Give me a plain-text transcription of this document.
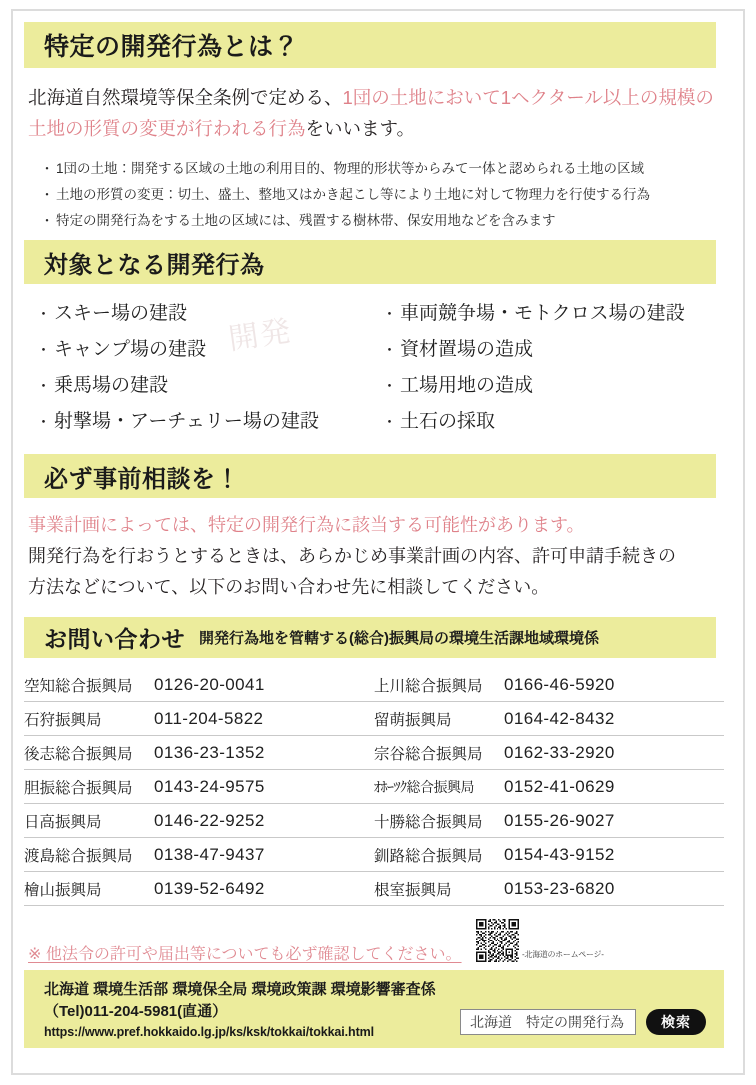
特定の開発行為とは？
北海道自然環境等保全条例で定める、1団の土地において1ヘクタール以上の規模の土地の形質の変更が行われる行為をいいます。
・ 1団の土地：開発する区域の土地の利用目的、物理的形状等からみて一体と認められる土地の区域
・ 土地の形質の変更：切土、盛土、整地又はかき起こし等により土地に対して物理力を行使する行為
・ 特定の開発行為をする土地の区域には、残置する樹林帯、保安用地などを含みます
対象となる開発行為
・ スキー場の建設
・ キャンプ場の建設
・ 乗馬場の建設
・ 射撃場・アーチェリー場の建設
・ 車両競争場・モトクロス場の建設
・ 資材置場の造成
・ 工場用地の造成
・ 土石の採取
必ず事前相談を！
事業計画によっては、特定の開発行為に該当する可能性があります。
開発行為を行おうとするときは、あらかじめ事業計画の内容、許可申請手続きの
方法などについて、以下のお問い合わせ先に相談してください。
お問い合わせ 開発行為地を管轄する(総合)振興局の環境生活課地域環境係
空知総合振興局	0126-20-0041	上川総合振興局	0166-46-5920
石狩振興局	011-204-5822	留萌振興局	0164-42-8432
後志総合振興局	0136-23-1352	宗谷総合振興局	0162-33-2920
胆振総合振興局	0143-24-9575	ｵﾎｰﾂｸ総合振興局	0152-41-0629
日高振興局	0146-22-9252	十勝総合振興局	0155-26-9027
渡島総合振興局	0138-47-9437	釧路総合振興局	0154-43-9152
檜山振興局	0139-52-6492	根室振興局	0153-23-6820
※ 他法令の許可や届出等についても必ず確認してください。	-北海道のホームページ-
北海道 環境生活部 環境保全局 環境政策課 環境影響審査係
（Tel)011-204-5981(直通）
https://www.pref.hokkaido.lg.jp/ks/ksk/tokkai/tokkai.html
北海道　特定の開発行為	検索
開発
